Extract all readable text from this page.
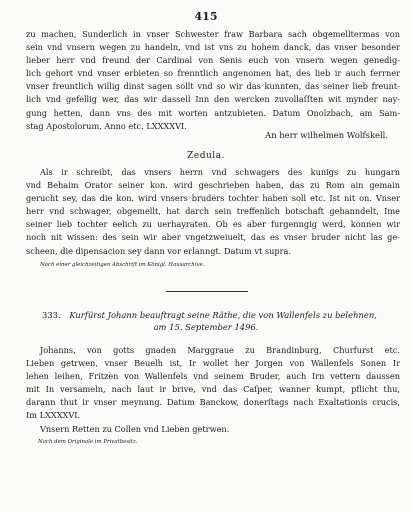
415
zu machen, Sunderlich in vnser Schwester fraw Barbara sach obgemelltermas von
sein vnd vnsern wegen zu handeln, vnd ist vns zu hohem danck, das vnser besonder
lieber herr vnd freund der Cardinal von Senis euch von vnsern wegen genedig-
lich gehort vnd vnser erbieten so frenntlich angenomen hat, des lieb ir auch ferrner
vnser freuntlich willig dinst sagen sollt vnd so wir das kunnten, das seiner lieb freunt-
lich vnd gefellig wer, das wir dassell Inn den wercken zuvollaſſten wit mynder nay-
gung hetten, dann vns des mit worten antzubieten. Datum Onolzbach, am Sam-
stag Apostolorum, Anno etc. LXXXXVI.
An herr wilhelmen Wolfskell.
Zedula.
Als ir schreibt, das vnsers herrn vnd schwagers des kunigs zu hungarn
vnd Behaim Orator seiner kon. wird geschrieben haben, das zu Rom ain gemain
gerucht sey, das die kon. wird vnsers bruders tochter haben soll etc. Ist nit on. Vnser
herr vnd schwager, obgemellt, hat darch sein treffenlich botschaft gehanndelt, Ime
seiner lieb tochter eelich zu uerhayraten. Ob es aber furgenngig werd, konnen wir
noch nit wissen: des sein wir aber vngetzweiuelt, das es vnser bruder nicht las ge-
scheen, die dipensacion sey dann vor erlanngt. Datum vt supra.
Nach einer gleichzeitigen Abschrift im Königl. Hausarchive.
333. Kurfürst Johann beauftragt seine Räthe, die von Wallenfels zu belehnen,
am 15. September 1496.
Johanns, von gotts gnaden Marggraue zu Brandinburg, Churfurst etc.
Lieben getrwen, vnser Beuelh ist, Ir wollet her Jorgen von Wallenfels Sonen Ir
lehen leihen, Fritzen von Wallenfels vnd seinem Bruder, auch Irn vettern daussen
mit In versameln, nach laut ir brive, vnd das Caſper, wanner kumpt, pflicht thu,
darann thut ir vnser meynung. Datum Banckow, donerſtags nach Exaltationis crucis,
Im LXXXXVI.
Vnsern Retten zu Collen vnd Lieben getrwen.
Nach dem Originale im Privatbesitz.
